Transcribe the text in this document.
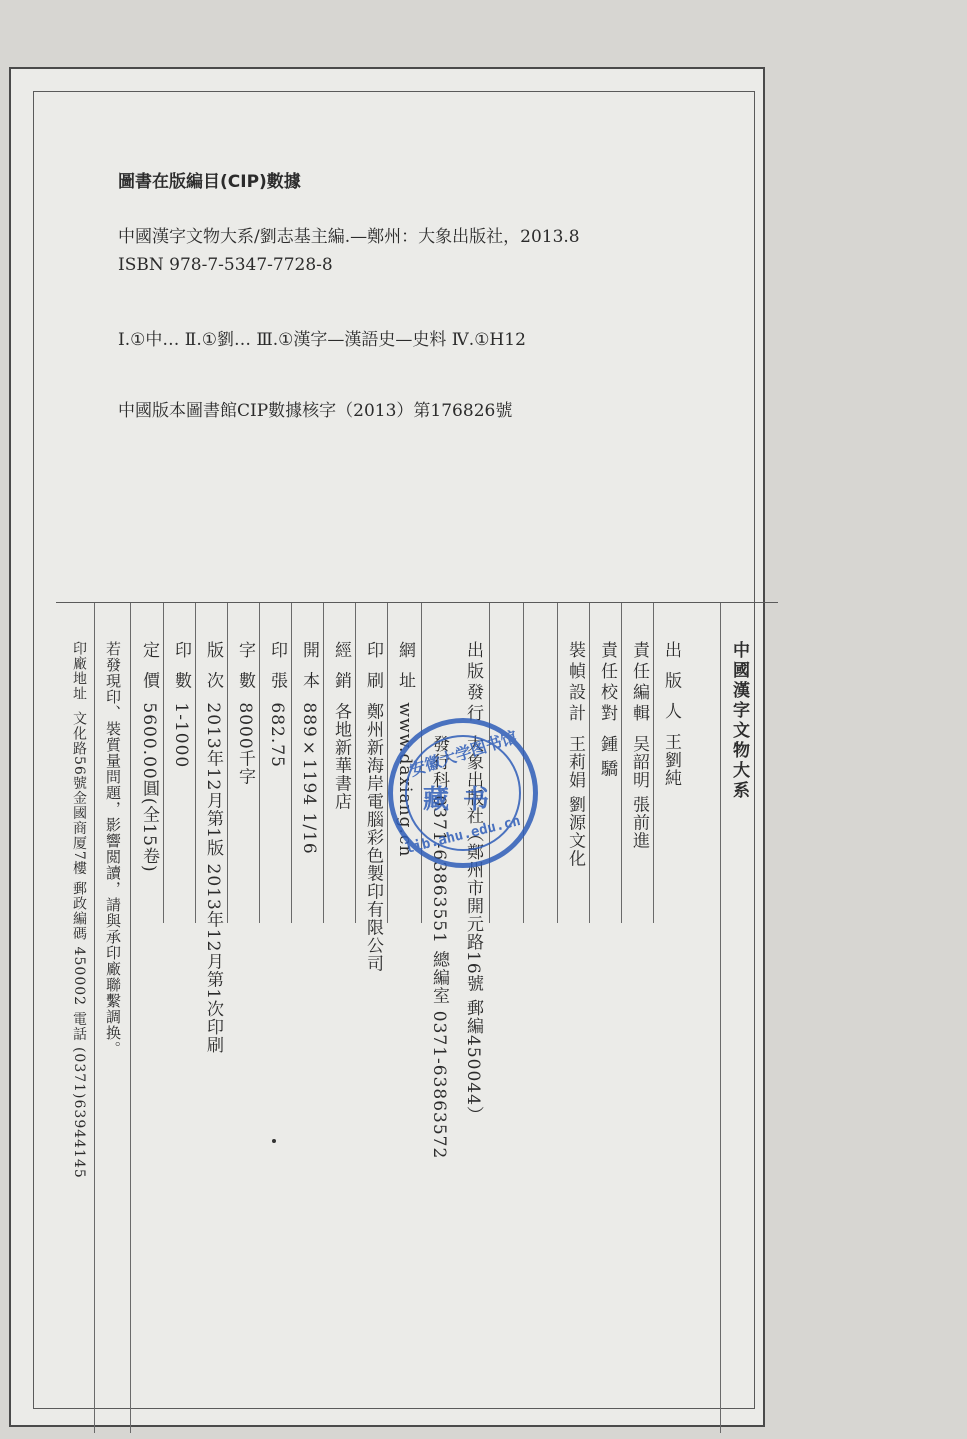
圖書在版編目(CIP)數據
中國漢字文物大系/劉志基主編.—鄭州：大象出版社，2013.8
ISBN 978-7-5347-7728-8
Ⅰ.①中… Ⅱ.①劉… Ⅲ.①漢字—漢語史—史料 Ⅳ.①H12
中國版本圖書館CIP數據核字（2013）第176826號
中國漢字文物大系
出 版 人王劉純
責任編輯吴韶明 張前進
責任校對鍾 驕
裝幀設計王莉娟 劉源文化
出版發行大象出版社（鄭州市開元路16號 郵編450044）
發行科 0371-63863551 總編室 0371-63863572
網 址www.daxiang.cn
印 刷鄭州新海岸電腦彩色製印有限公司
經 銷各地新華書店
開 本889×1194 1/16
印 張682.75
字 數8000千字
版 次2013年12月第1版 2013年12月第1次印刷
印 數1-1000
定 價5600.00圓(全15卷)
若發現印、裝質量問題，影響閲讀，請與承印廠聯繫調换。
印廠地址文化路56號金國商厦7樓 郵政編碼 450002 電話 (0371)63944145	安徽大学图书馆
藏书
lib.ahu.edu.cn
